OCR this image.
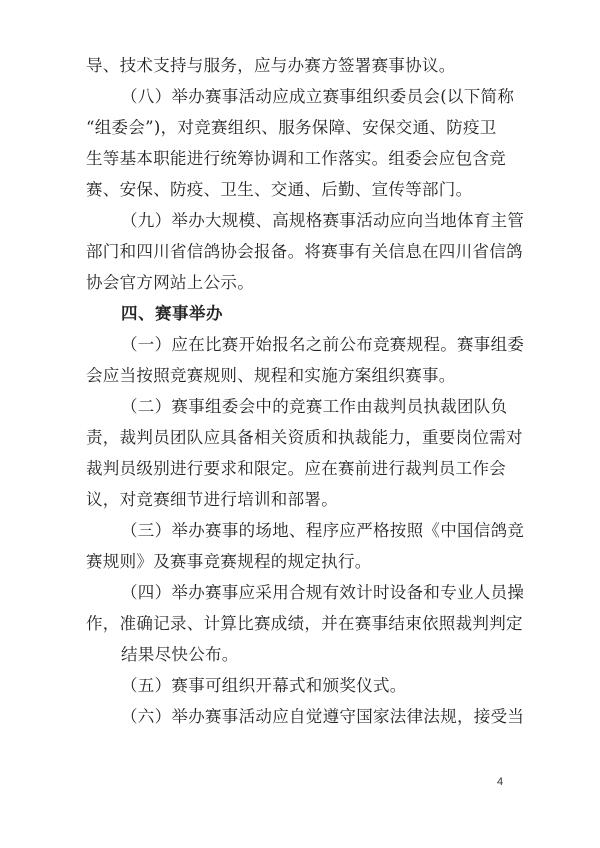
导、技术支持与服务，应与办赛方签署赛事协议。
（八）举办赛事活动应成立赛事组织委员会(以下简称
“组委会”)，对竞赛组织、服务保障、安保交通、防疫卫
生等基本职能进行统筹协调和工作落实。组委会应包含竞
赛、安保、防疫、卫生、交通、后勤、宣传等部门。
（九）举办大规模、高规格赛事活动应向当地体育主管
部门和四川省信鸽协会报备。将赛事有关信息在四川省信鸽
协会官方网站上公示。
四、赛事举办
（一）应在比赛开始报名之前公布竞赛规程。赛事组委
会应当按照竞赛规则、规程和实施方案组织赛事。
（二）赛事组委会中的竞赛工作由裁判员执裁团队负
责，裁判员团队应具备相关资质和执裁能力，重要岗位需对
裁判员级别进行要求和限定。应在赛前进行裁判员工作会
议，对竞赛细节进行培训和部署。
（三）举办赛事的场地、程序应严格按照《中国信鸽竞
赛规则》及赛事竞赛规程的规定执行。
（四）举办赛事应采用合规有效计时设备和专业人员操
作，准确记录、计算比赛成绩，并在赛事结束依照裁判判定
4
结果尽快公布。
（五）赛事可组织开幕式和颁奖仪式。
（六）举办赛事活动应自觉遵守国家法律法规，接受当
